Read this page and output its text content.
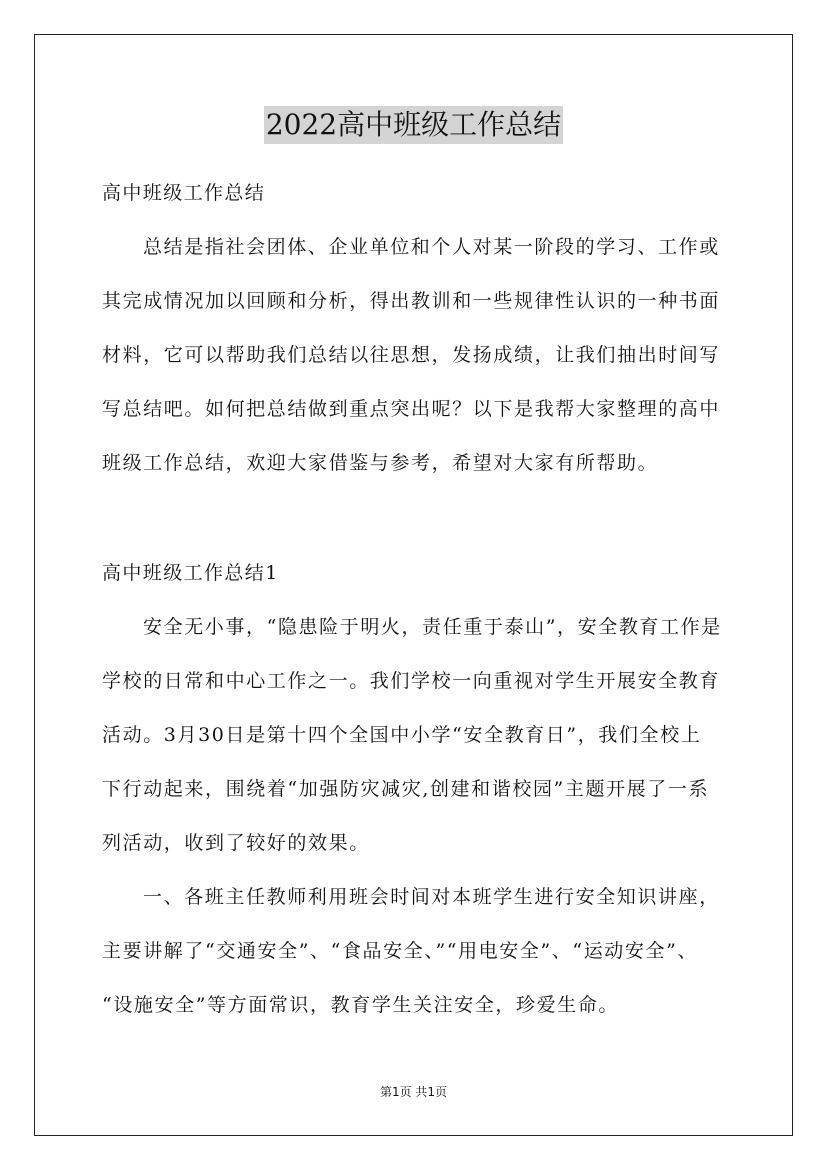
2022高中班级工作总结
高中班级工作总结
总结是指社会团体、企业单位和个人对某一阶段的学习、工作或
其完成情况加以回顾和分析，得出教训和一些规律性认识的一种书面
材料，它可以帮助我们总结以往思想，发扬成绩，让我们抽出时间写
写总结吧。如何把总结做到重点突出呢？以下是我帮大家整理的高中
班级工作总结，欢迎大家借鉴与参考，希望对大家有所帮助。
高中班级工作总结1
安全无小事，“隐患险于明火，责任重于泰山”，安全教育工作是
学校的日常和中心工作之一。我们学校一向重视对学生开展安全教育
活动。3月30日是第十四个全国中小学“安全教育日”，我们全校上
下行动起来，围绕着“加强防灾减灾,创建和谐校园”主题开展了一系
列活动，收到了较好的效果。
一、各班主任教师利用班会时间对本班学生进行安全知识讲座，
主要讲解了“交通安全”、“食品安全、”“用电安全”、“运动安全”、
“设施安全”等方面常识，教育学生关注安全，珍爱生命。
第1页 共1页
